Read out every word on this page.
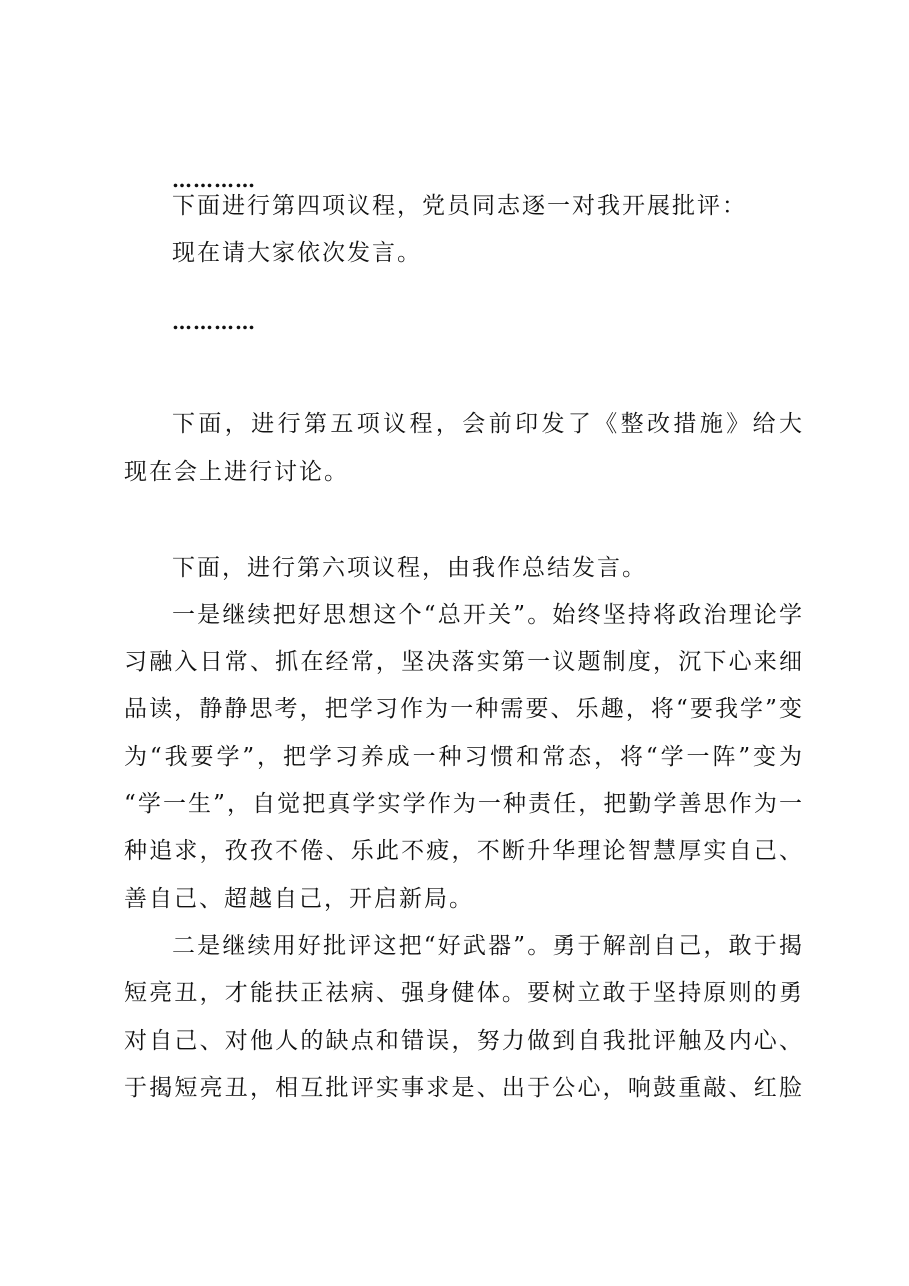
…………
下面进行第四项议程，党员同志逐一对我开展批评：
现在请大家依次发言。
…………
下面，进行第五项议程，会前印发了《整改措施》给大
现在会上进行讨论。
下面，进行第六项议程，由我作总结发言。
一是继续把好思想这个“总开关”。始终坚持将政治理论学
习融入日常、抓在经常，坚决落实第一议题制度，沉下心来细
品读，静静思考，把学习作为一种需要、乐趣，将“要我学”变
为“我要学”，把学习养成一种习惯和常态，将“学一阵”变为
“学一生”，自觉把真学实学作为一种责任，把勤学善思作为一
种追求，孜孜不倦、乐此不疲，不断升华理论智慧厚实自己、
善自己、超越自己，开启新局。
二是继续用好批评这把“好武器”。勇于解剖自己，敢于揭
短亮丑，才能扶正祛病、强身健体。要树立敢于坚持原则的勇
对自己、对他人的缺点和错误，努力做到自我批评触及内心、
于揭短亮丑，相互批评实事求是、出于公心，响鼓重敲、红脸
